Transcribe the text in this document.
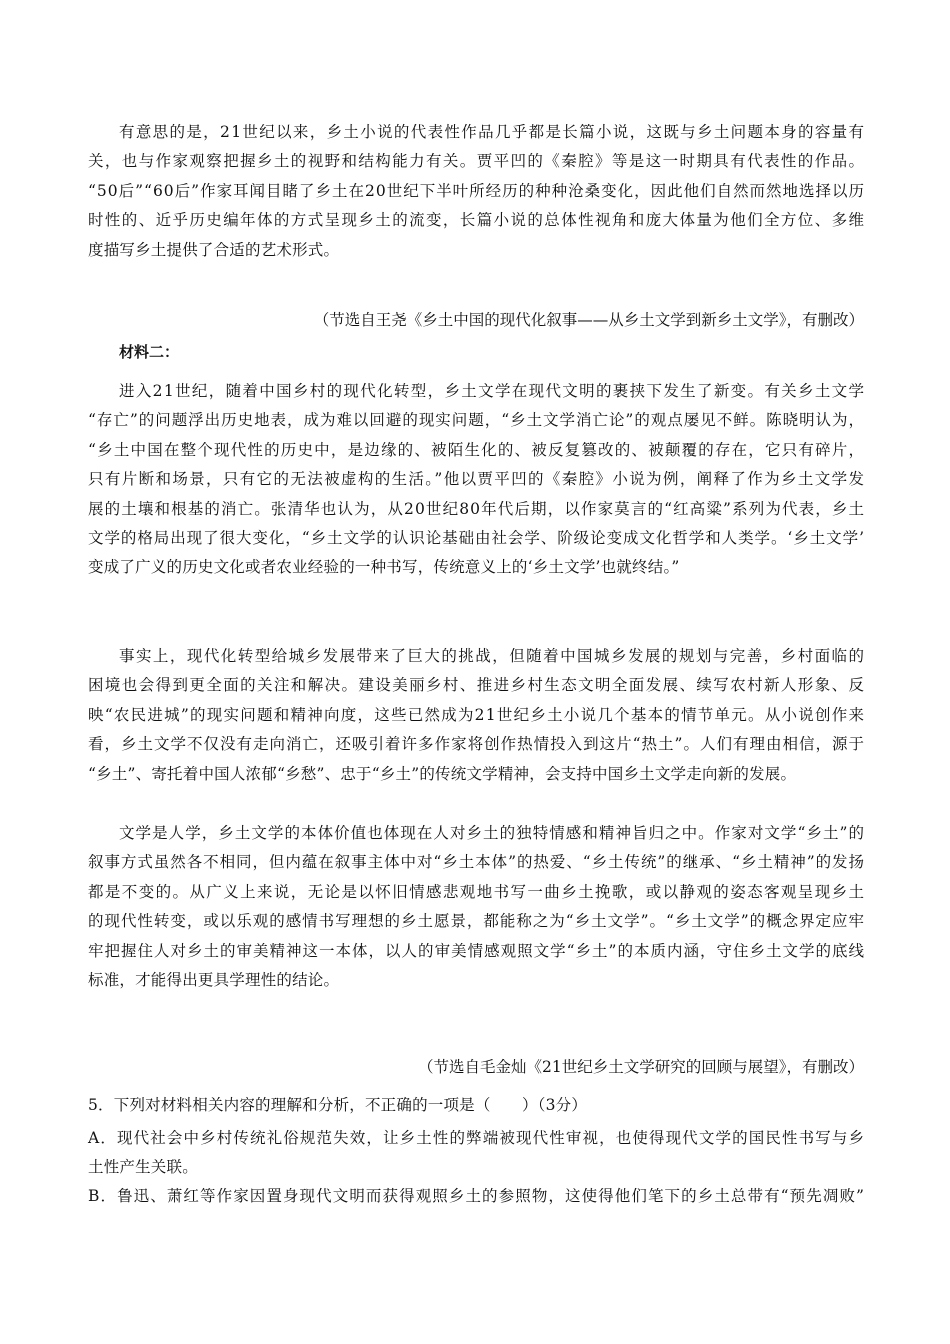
有意思的是，21世纪以来，乡土小说的代表性作品几乎都是长篇小说，这既与乡土问题本身的容量有
关，也与作家观察把握乡土的视野和结构能力有关。贾平凹的《秦腔》等是这一时期具有代表性的作品。
“50后”“60后”作家耳闻目睹了乡土在20世纪下半叶所经历的种种沧桑变化，因此他们自然而然地选择以历
时性的、近乎历史编年体的方式呈现乡土的流变，长篇小说的总体性视角和庞大体量为他们全方位、多维
度描写乡土提供了合适的艺术形式。
（节选自王尧《乡土中国的现代化叙事——从乡土文学到新乡土文学》，有删改）
材料二：
进入21世纪，随着中国乡村的现代化转型，乡土文学在现代文明的裹挟下发生了新变。有关乡土文学
“存亡”的问题浮出历史地表，成为难以回避的现实问题，“乡土文学消亡论”的观点屡见不鲜。陈晓明认为，
“乡土中国在整个现代性的历史中，是边缘的、被陌生化的、被反复篡改的、被颠覆的存在，它只有碎片，
只有片断和场景，只有它的无法被虚构的生活。”他以贾平凹的《秦腔》小说为例，阐释了作为乡土文学发
展的土壤和根基的消亡。张清华也认为，从20世纪80年代后期，以作家莫言的“红高粱”系列为代表，乡土
文学的格局出现了很大变化，“乡土文学的认识论基础由社会学、阶级论变成文化哲学和人类学。‘乡土文学’
变成了广义的历史文化或者农业经验的一种书写，传统意义上的‘乡土文学’也就终结。”
事实上，现代化转型给城乡发展带来了巨大的挑战，但随着中国城乡发展的规划与完善，乡村面临的
困境也会得到更全面的关注和解决。建设美丽乡村、推进乡村生态文明全面发展、续写农村新人形象、反
映“农民进城”的现实问题和精神向度，这些已然成为21世纪乡土小说几个基本的情节单元。从小说创作来
看，乡土文学不仅没有走向消亡，还吸引着许多作家将创作热情投入到这片“热土”。人们有理由相信，源于
“乡土”、寄托着中国人浓郁“乡愁”、忠于“乡土”的传统文学精神，会支持中国乡土文学走向新的发展。
文学是人学，乡土文学的本体价值也体现在人对乡土的独特情感和精神旨归之中。作家对文学“乡土”的
叙事方式虽然各不相同，但内蕴在叙事主体中对“乡土本体”的热爱、“乡土传统”的继承、“乡土精神”的发扬
都是不变的。从广义上来说，无论是以怀旧情感悲观地书写一曲乡土挽歌，或以静观的姿态客观呈现乡土
的现代性转变，或以乐观的感情书写理想的乡土愿景，都能称之为“乡土文学”。“乡土文学”的概念界定应牢
牢把握住人对乡土的审美精神这一本体，以人的审美情感观照文学“乡土”的本质内涵，守住乡土文学的底线
标准，才能得出更具学理性的结论。
（节选自毛金灿《21世纪乡土文学研究的回顾与展望》，有删改）
5．下列对材料相关内容的理解和分析，不正确的一项是（　　）（3分）
A．现代社会中乡村传统礼俗规范失效，让乡土性的弊端被现代性审视，也使得现代文学的国民性书写与乡
土性产生关联。
B．鲁迅、萧红等作家因置身现代文明而获得观照乡土的参照物，这使得他们笔下的乡土总带有“预先凋败”
